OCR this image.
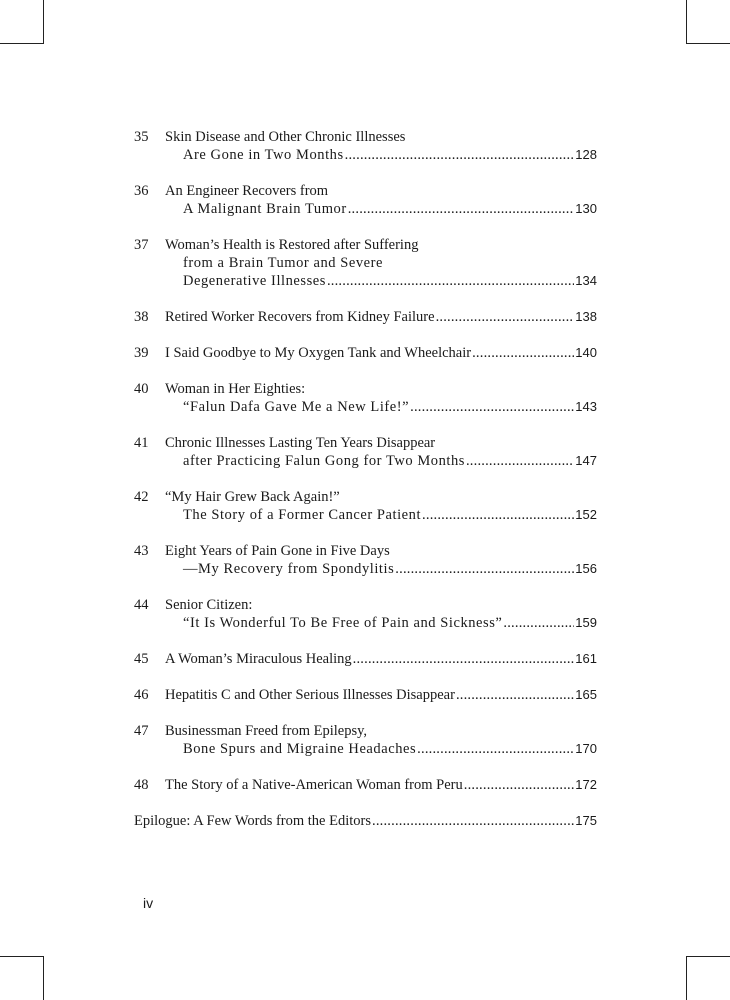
35	Skin Disease and Other Chronic Illnesses
Are Gone in Two Months .....	128
36	An Engineer Recovers from
A Malignant Brain Tumor .....	130
37	Woman’s Health is Restored after Suffering
from a Brain Tumor and Severe
Degenerative Illnesses .....	134
38	Retired Worker Recovers from Kidney Failure .....	138
39	I Said Goodbye to My Oxygen Tank and Wheelchair .....	140
40	Woman in Her Eighties:
“Falun Dafa Gave Me a New Life!” .....	143
41	Chronic Illnesses Lasting Ten Years Disappear
after Practicing Falun Gong for Two Months .....	147
42	“My Hair Grew Back Again!”
The Story of a Former Cancer Patient .....	152
43	Eight Years of Pain Gone in Five Days
—My Recovery from Spondylitis .....	156
44	Senior Citizen:
“It Is Wonderful To Be Free of Pain and Sickness” .....	159
45	A Woman’s Miraculous Healing .....	161
46	Hepatitis C and Other Serious Illnesses Disappear .....	165
47	Businessman Freed from Epilepsy,
Bone Spurs and Migraine Headaches .....	170
48	The Story of a Native-American Woman from Peru .....	172
Epilogue: A Few Words from the Editors .....	175
iv
